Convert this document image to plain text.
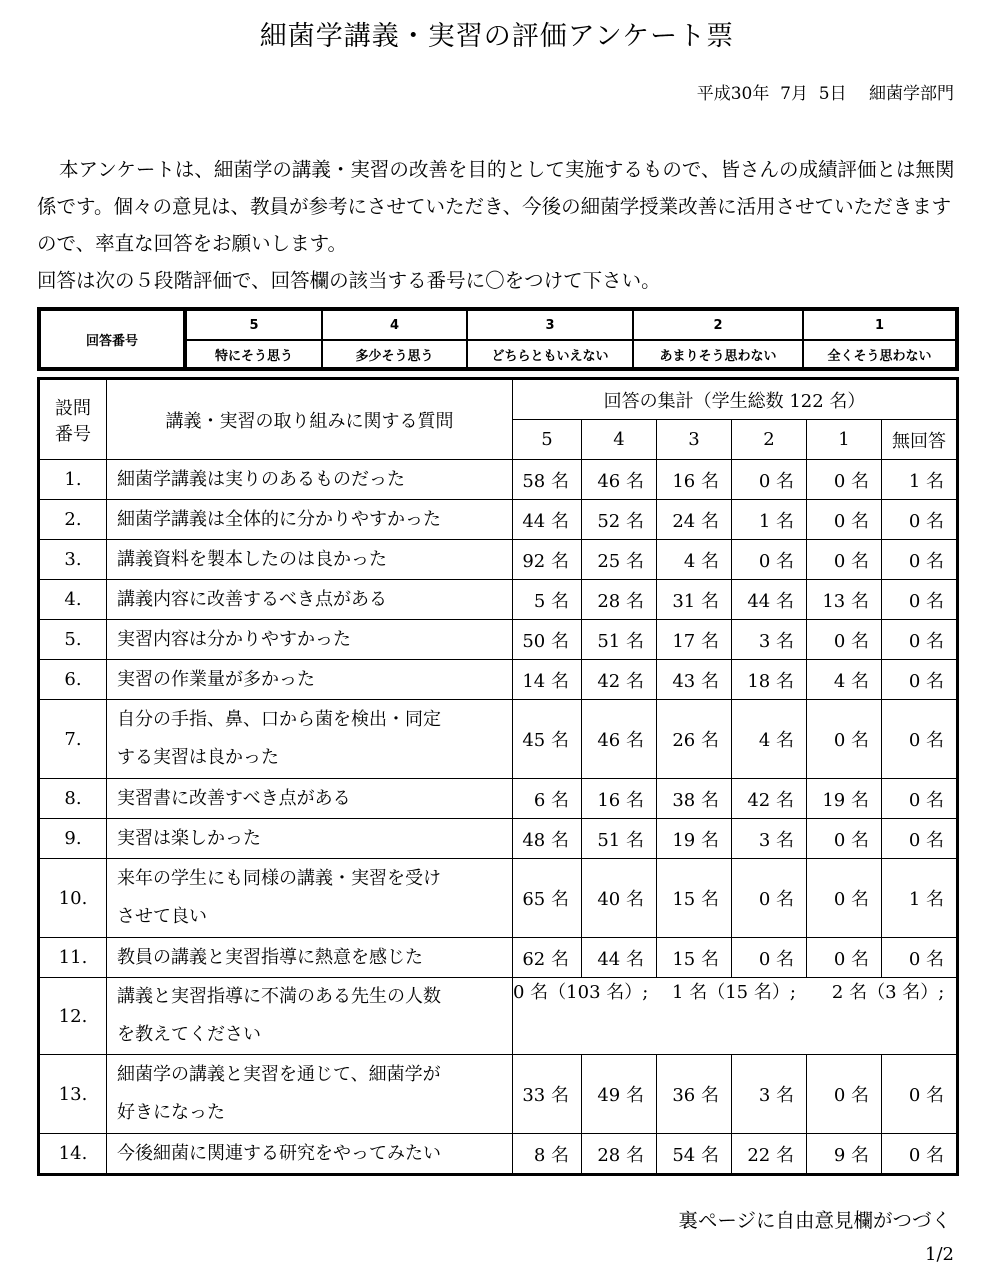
細菌学講義・実習の評価アンケート票
平成30年  7月  5日　 細菌学部門

本アンケートは、細菌学の講義・実習の改善を目的として実施するもので、皆さんの成績評価とは無関係です。個々の意見は、教員が参考にさせていただき、今後の細菌学授業改善に活用させていただきますので、率直な回答をお願いします。

回答は次の５段階評価で、回答欄の該当する番号に〇をつけて下さい。

回答番号	5	4	3	2	1
	特にそう思う	多少そう思う	どちらともいえない	あまりそう思わない	全くそう思わない
設問
番号	講義・実習の取り組みに関する質問	回答の集計（学生総数 122 名）					
		5	4	3	2	1	無回答
1.	細菌学講義は実りのあるものだった	58 名	46 名	16 名	0 名	0 名	1 名
2.	細菌学講義は全体的に分かりやすかった	44 名	52 名	24 名	1 名	0 名	0 名
3.	講義資料を製本したのは良かった	92 名	25 名	4 名	0 名	0 名	0 名
4.	講義内容に改善するべき点がある	5 名	28 名	31 名	44 名	13 名	0 名
5.	実習内容は分かりやすかった	50 名	51 名	17 名	3 名	0 名	0 名
6.	実習の作業量が多かった	14 名	42 名	43 名	18 名	4 名	0 名
7.	自分の手指、鼻、口から菌を検出・同定
する実習は良かった	45 名	46 名	26 名	4 名	0 名	0 名
8.	実習書に改善すべき点がある	6 名	16 名	38 名	42 名	19 名	0 名
9.	実習は楽しかった	48 名	51 名	19 名	3 名	0 名	0 名
10.	来年の学生にも同様の講義・実習を受け
させて良い	65 名	40 名	15 名	0 名	0 名	1 名
11.	教員の講義と実習指導に熱意を感じた	62 名	44 名	15 名	0 名	0 名	0 名
12.	講義と実習指導に不満のある先生の人数
を教えてください	0 名（103 名）;　 1 名（15 名）;　　2 名（3 名）;					
13.	細菌学の講義と実習を通じて、細菌学が
好きになった	33 名	49 名	36 名	3 名	0 名	0 名
14.	今後細菌に関連する研究をやってみたい	8 名	28 名	54 名	22 名	9 名	0 名
裏ページに自由意見欄がつづく
1/2
